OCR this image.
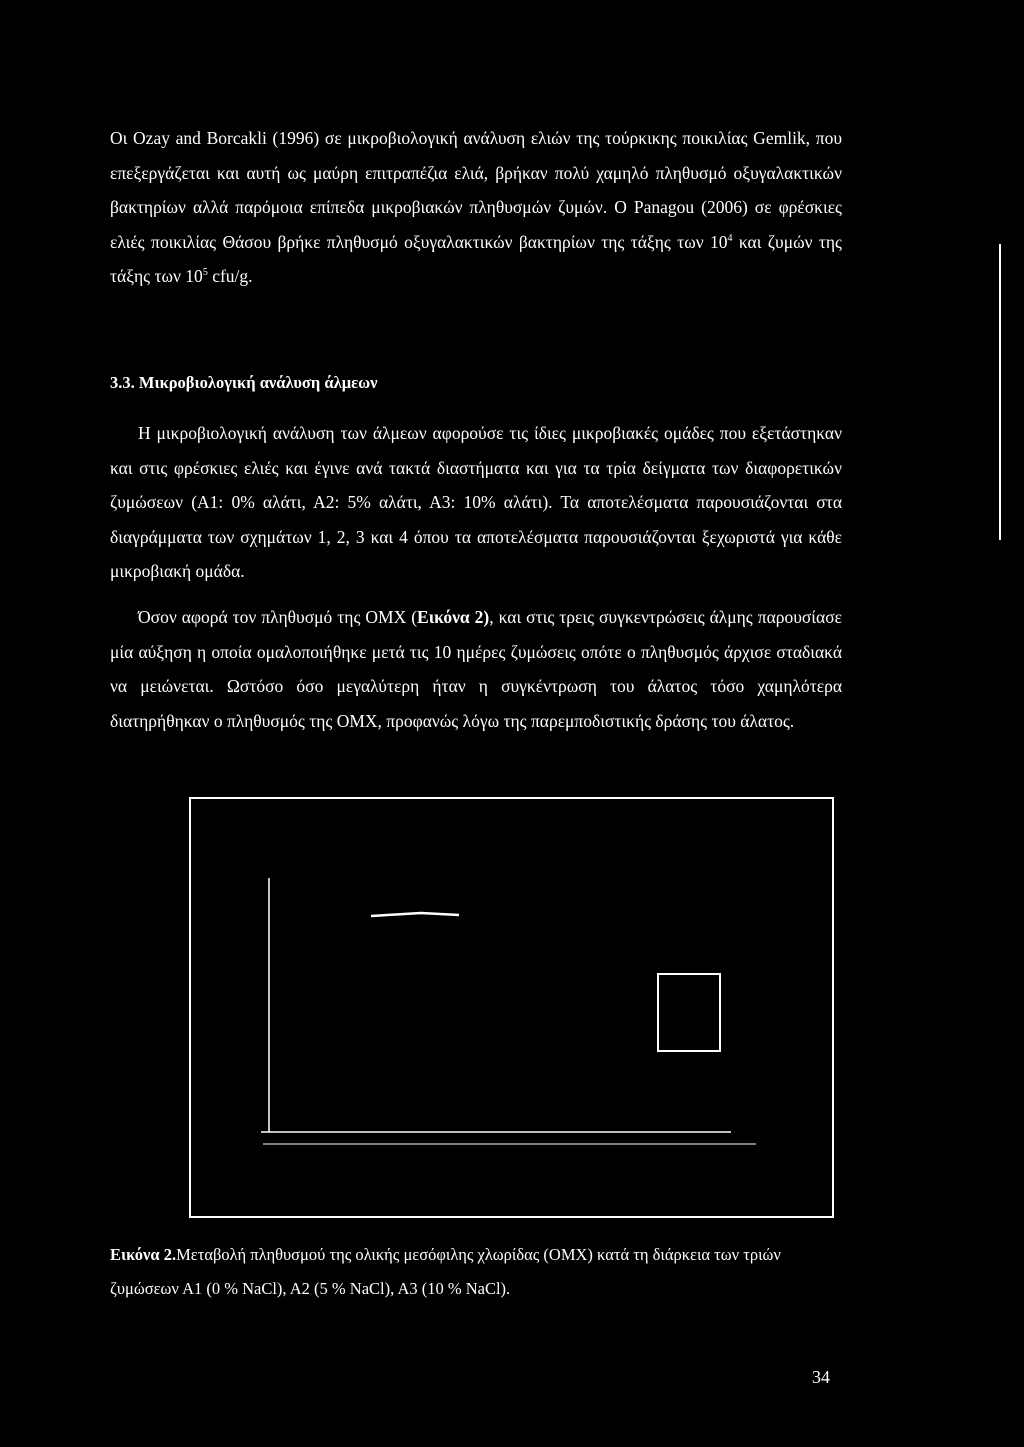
Οι Ozay and Borcakli (1996) σε μικροβιολογική ανάλυση ελιών της τούρκικης ποικιλίας Gemlik, που επεξεργάζεται και αυτή ως μαύρη επιτραπέζια ελιά, βρήκαν πολύ χαμηλό πληθυσμό οξυγαλακτικών βακτηρίων αλλά παρόμοια επίπεδα μικροβιακών πληθυσμών ζυμών. Ο Panagou (2006) σε φρέσκιες ελιές ποικιλίας Θάσου βρήκε πληθυσμό οξυγαλακτικών βακτηρίων της τάξης των $10^4$ και ζυμών της τάξης των $10^5$ cfu/g.

3.3. Μικροβιολογική ανάλυση άλμεων

Η μικροβιολογική ανάλυση των άλμεων αφορούσε τις ίδιες μικροβιακές ομάδες που εξετάστηκαν και στις φρέσκιες ελιές και έγινε ανά τακτά διαστήματα και για τα τρία δείγματα των διαφορετικών ζυμώσεων (Α1: 0% αλάτι, Α2: 5% αλάτι, Α3: 10% αλάτι). Τα αποτελέσματα παρουσιάζονται στα διαγράμματα των σχημάτων 1, 2, 3 και 4 όπου τα αποτελέσματα παρουσιάζονται ξεχωριστά για κάθε μικροβιακή ομάδα.

Όσον αφορά τον πληθυσμό της ΟΜΧ (Εικόνα 2), και στις τρεις συγκεντρώσεις άλμης παρουσίασε μία αύξηση η οποία ομαλοποιήθηκε μετά τις 10 ημέρες ζυμώσεις οπότε ο πληθυσμός άρχισε σταδιακά να μειώνεται. Ωστόσο όσο μεγαλύτερη ήταν η συγκέντρωση του άλατος τόσο χαμηλότερα διατηρήθηκαν ο πληθυσμός της ΟΜΧ, προφανώς λόγω της παρεμποδιστικής δράσης του άλατος.

Εικόνα 2.Μεταβολή πληθυσμού της ολικής μεσόφιλης χλωρίδας (ΟΜΧ) κατά τη διάρκεια των τριών ζυμώσεων Α1 (0 % NaCl), Α2 (5 % NaCl), Α3 (10 % NaCl).
34
